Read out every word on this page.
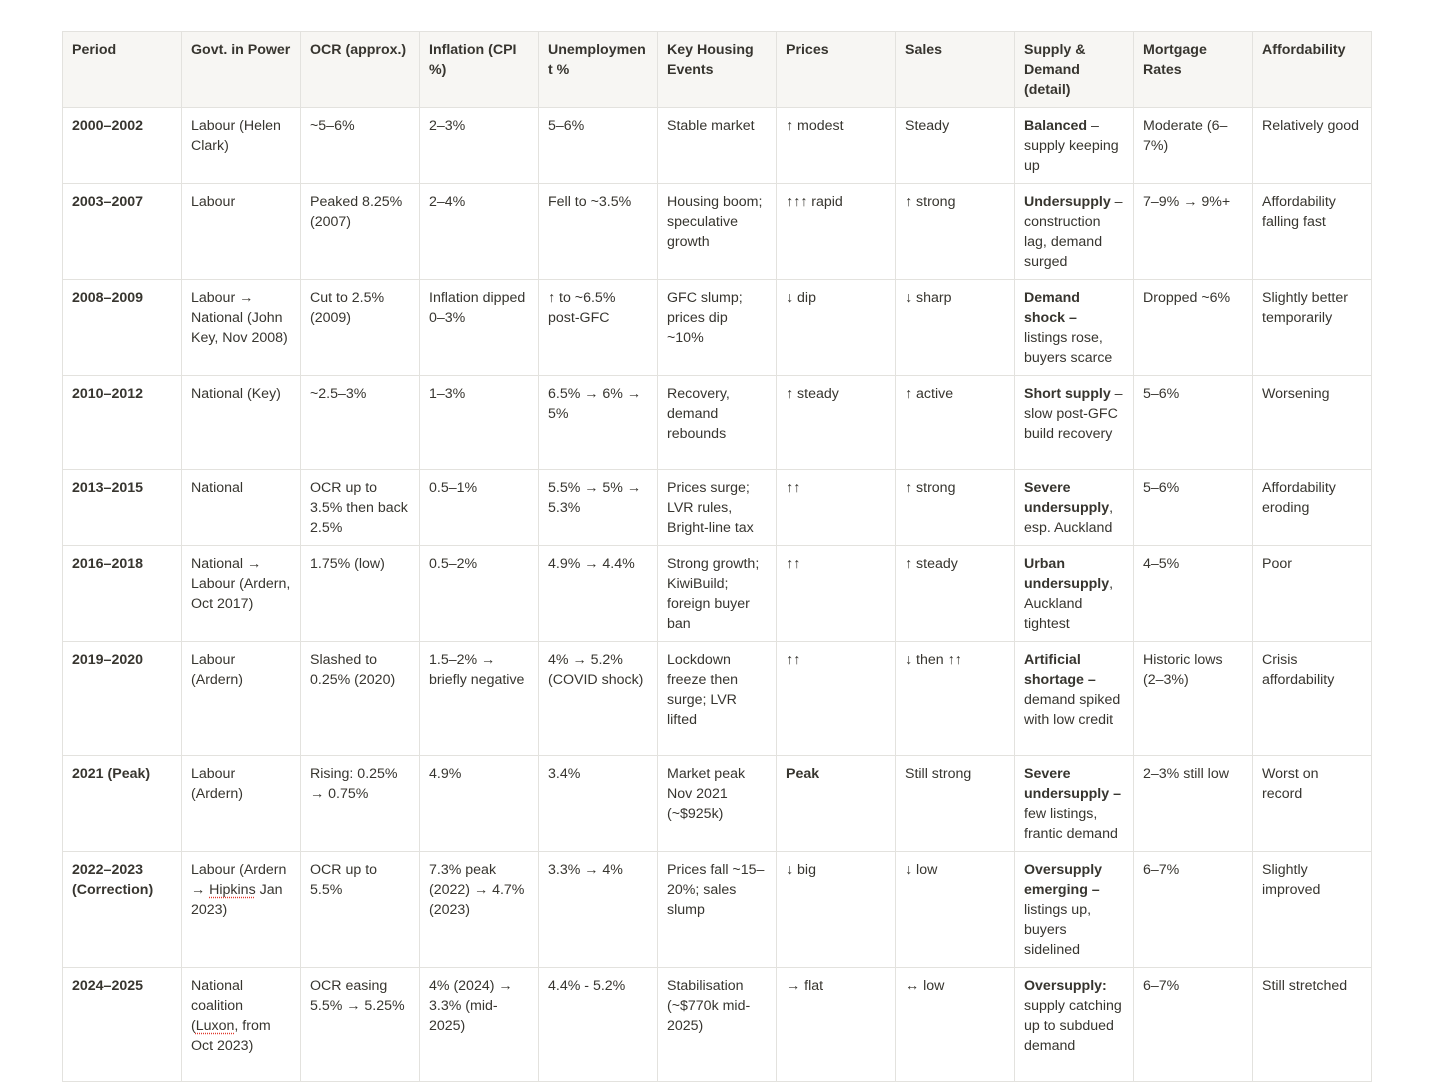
Period	Govt. in Power	OCR (approx.)	Inflation (CPI %)	Unemployment %	Key Housing Events	Prices	Sales	Supply & Demand (detail)	Mortgage Rates	Affordability
2000–2002	Labour (Helen Clark)	~5–6%	2–3%	5–6%	Stable market	↑ modest	Steady	Balanced – supply keeping up	Moderate (6–7%)	Relatively good
2003–2007	Labour	Peaked 8.25% (2007)	2–4%	Fell to ~3.5%	Housing boom; speculative growth	↑↑↑ rapid	↑ strong	Undersupply – construction lag, demand surged	7–9% → 9%+	Affordability falling fast
2008–2009	Labour → National (John Key, Nov 2008)	Cut to 2.5% (2009)	Inflation dipped 0–3%	↑ to ~6.5% post-GFC	GFC slump; prices dip ~10%	↓ dip	↓ sharp	Demand shock – listings rose, buyers scarce	Dropped ~6%	Slightly better temporarily
2010–2012	National (Key)	~2.5–3%	1–3%	6.5% → 6% → 5%	Recovery, demand rebounds	↑ steady	↑ active	Short supply – slow post-GFC build recovery	5–6%	Worsening
2013–2015	National	OCR up to 3.5% then back 2.5%	0.5–1%	5.5% → 5% → 5.3%	Prices surge; LVR rules, Bright-line tax	↑↑	↑ strong	Severe undersupply, esp. Auckland	5–6%	Affordability eroding
2016–2018	National → Labour (Ardern, Oct 2017)	1.75% (low)	0.5–2%	4.9% → 4.4%	Strong growth; KiwiBuild; foreign buyer ban	↑↑	↑ steady	Urban undersupply, Auckland tightest	4–5%	Poor
2019–2020	Labour (Ardern)	Slashed to 0.25% (2020)	1.5–2% → briefly negative	4% → 5.2% (COVID shock)	Lockdown freeze then surge; LVR lifted	↑↑	↓ then ↑↑	Artificial shortage – demand spiked with low credit	Historic lows (2–3%)	Crisis affordability
2021 (Peak)	Labour (Ardern)	Rising: 0.25% → 0.75%	4.9%	3.4%	Market peak Nov 2021 (~$925k)	Peak	Still strong	Severe undersupply – few listings, frantic demand	2–3% still low	Worst on record
2022–2023 (Correction)	Labour (Ardern → Hipkins Jan 2023)	OCR up to 5.5%	7.3% peak (2022) → 4.7% (2023)	3.3% → 4%	Prices fall ~15–20%; sales slump	↓ big	↓ low	Oversupply emerging – listings up, buyers sidelined	6–7%	Slightly improved
2024–2025	National coalition (Luxon, from Oct 2023)	OCR easing 5.5% → 5.25%	4% (2024) → 3.3% (mid-2025)	4.4% - 5.2%	Stabilisation (~$770k mid-2025)	→ flat	↔ low	Oversupply: supply catching up to subdued demand	6–7%	Still stretched
